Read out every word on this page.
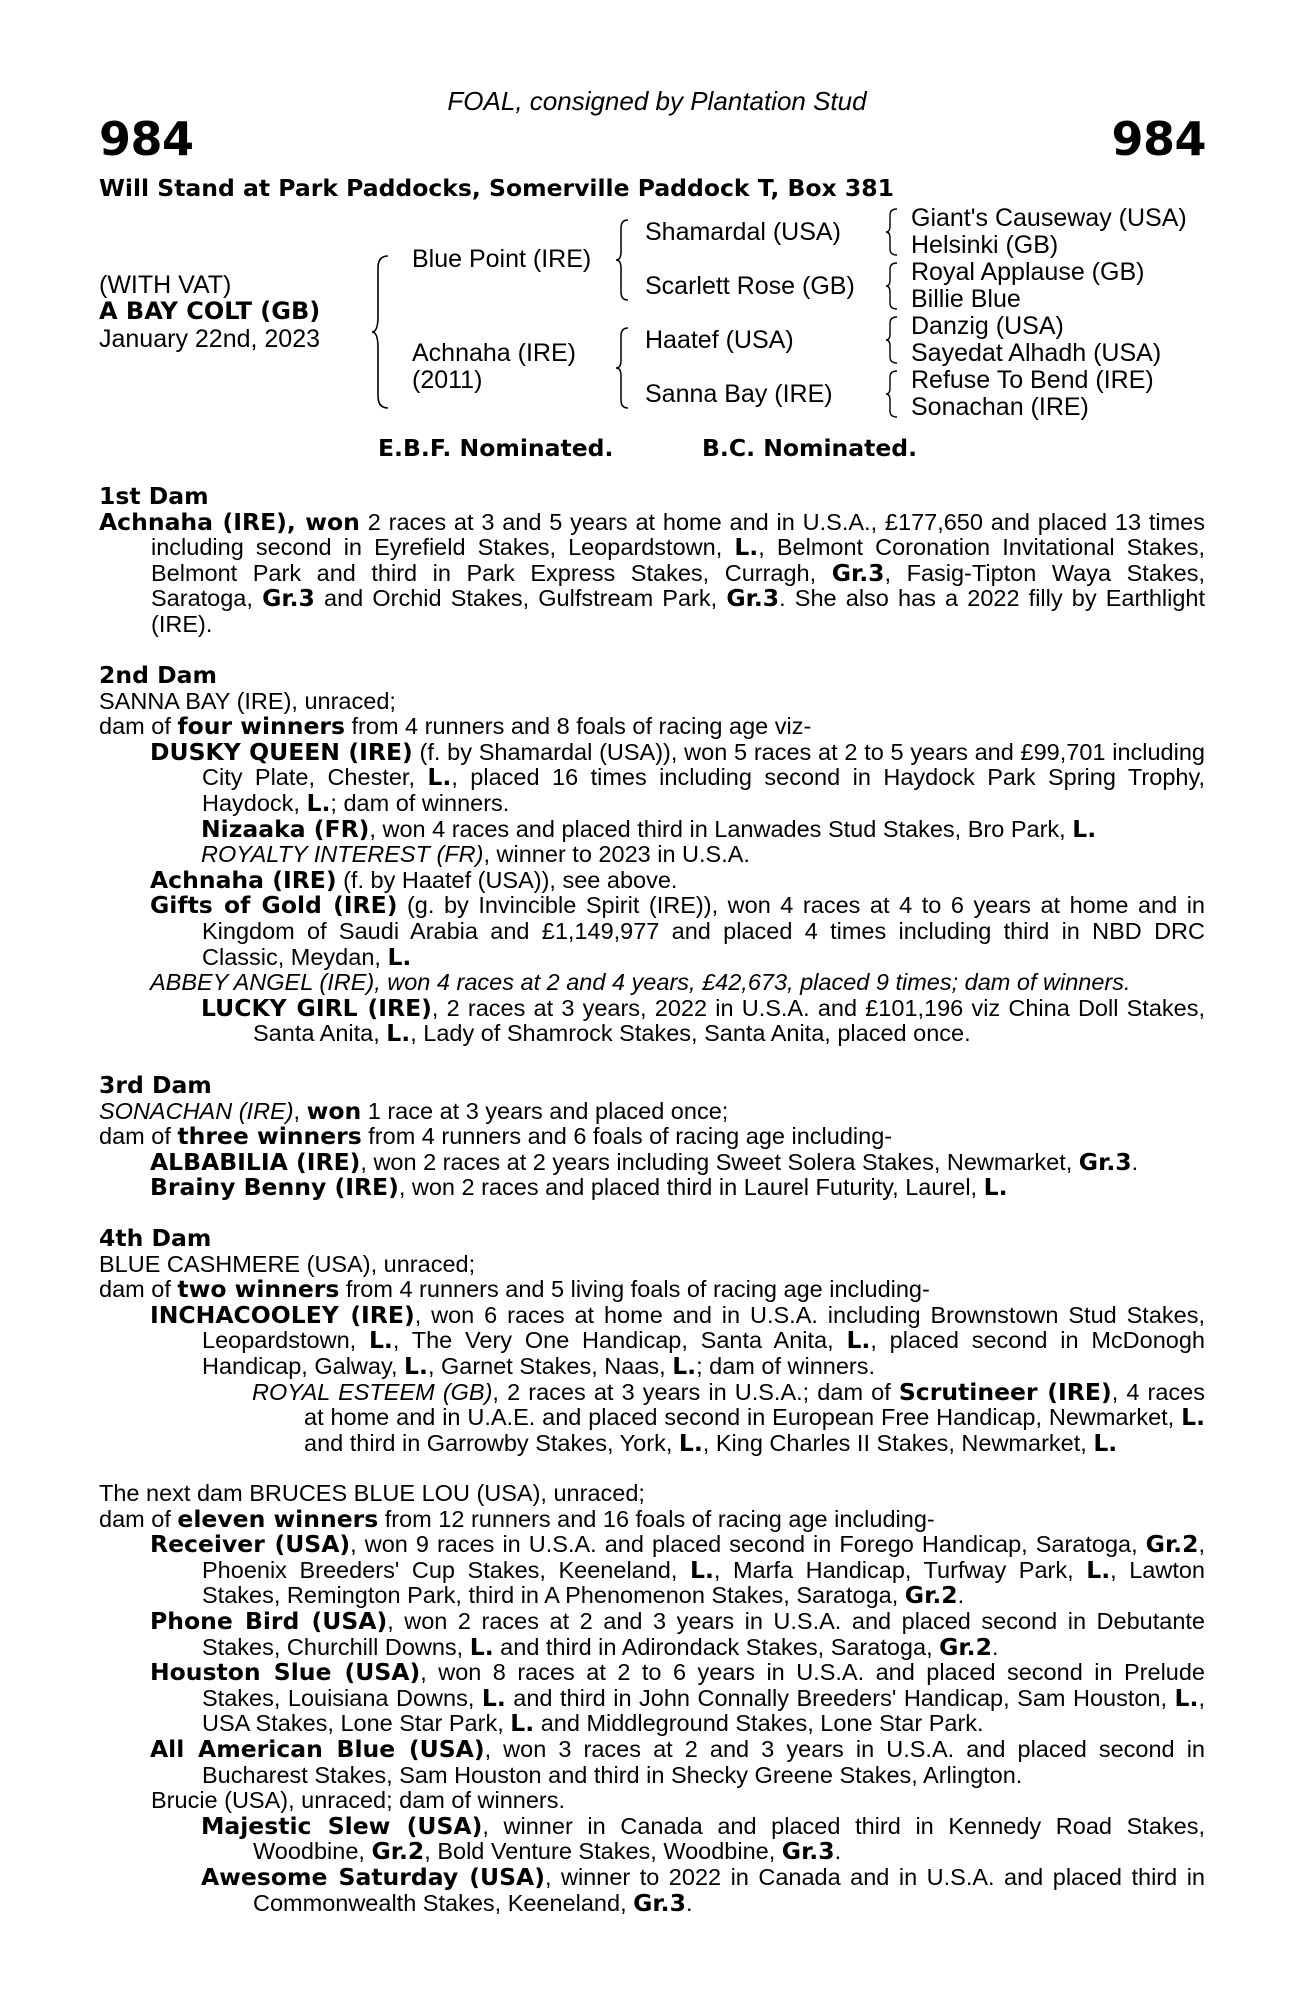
FOAL, consigned by Plantation Stud
984	984
Will Stand at Park Paddocks, Somerville Paddock T, Box 381
(WITH VAT)
A BAY COLT (GB)
January 22nd, 2023
Blue Point (IRE)
Achnaha (IRE)
(2011)
Shamardal (USA)
Scarlett Rose (GB)
Haatef (USA)
Sanna Bay (IRE)
Giant's Causeway (USA)
Helsinki (GB)
Royal Applause (GB)
Billie Blue
Danzig (USA)
Sayedat Alhadh (USA)
Refuse To Bend (IRE)
Sonachan (IRE)
E.B.F. Nominated.	B.C. Nominated.

1st Dam

Achnaha (IRE), won 2 races at 3 and 5 years at home and in U.S.A., £177,650 and placed 13 times including second in Eyrefield Stakes, Leopardstown, L., Belmont Coronation Invitational Stakes, Belmont Park and third in Park Express Stakes, Curragh, Gr.3, Fasig-Tipton Waya Stakes, Saratoga, Gr.3 and Orchid Stakes, Gulfstream Park, Gr.3. She also has a 2022 filly by Earthlight (IRE).

2nd Dam

SANNA BAY (IRE), unraced;

dam of four winners from 4 runners and 8 foals of racing age viz-

DUSKY QUEEN (IRE) (f. by Shamardal (USA)), won 5 races at 2 to 5 years and £99,701 including City Plate, Chester, L., placed 16 times including second in Haydock Park Spring Trophy, Haydock, L.; dam of winners.

Nizaaka (FR), won 4 races and placed third in Lanwades Stud Stakes, Bro Park, L.

ROYALTY INTEREST (FR), winner to 2023 in U.S.A.

Achnaha (IRE) (f. by Haatef (USA)), see above.

Gifts of Gold (IRE) (g. by Invincible Spirit (IRE)), won 4 races at 4 to 6 years at home and in Kingdom of Saudi Arabia and £1,149,977 and placed 4 times including third in NBD DRC Classic, Meydan, L.

ABBEY ANGEL (IRE), won 4 races at 2 and 4 years, £42,673, placed 9 times; dam of winners.

LUCKY GIRL (IRE), 2 races at 3 years, 2022 in U.S.A. and £101,196 viz China Doll Stakes, Santa Anita, L., Lady of Shamrock Stakes, Santa Anita, placed once.

3rd Dam

SONACHAN (IRE), won 1 race at 3 years and placed once;

dam of three winners from 4 runners and 6 foals of racing age including-

ALBABILIA (IRE), won 2 races at 2 years including Sweet Solera Stakes, Newmarket, Gr.3.

Brainy Benny (IRE), won 2 races and placed third in Laurel Futurity, Laurel, L.

4th Dam

BLUE CASHMERE (USA), unraced;

dam of two winners from 4 runners and 5 living foals of racing age including-

INCHACOOLEY (IRE), won 6 races at home and in U.S.A. including Brownstown Stud Stakes, Leopardstown, L., The Very One Handicap, Santa Anita, L., placed second in McDonogh Handicap, Galway, L., Garnet Stakes, Naas, L.; dam of winners.

ROYAL ESTEEM (GB), 2 races at 3 years in U.S.A.; dam of Scrutineer (IRE), 4 races at home and in U.A.E. and placed second in European Free Handicap, Newmarket, L. and third in Garrowby Stakes, York, L., King Charles II Stakes, Newmarket, L.

The next dam BRUCES BLUE LOU (USA), unraced;

dam of eleven winners from 12 runners and 16 foals of racing age including-

Receiver (USA), won 9 races in U.S.A. and placed second in Forego Handicap, Saratoga, Gr.2, Phoenix Breeders' Cup Stakes, Keeneland, L., Marfa Handicap, Turfway Park, L., Lawton Stakes, Remington Park, third in A Phenomenon Stakes, Saratoga, Gr.2.

Phone Bird (USA), won 2 races at 2 and 3 years in U.S.A. and placed second in Debutante Stakes, Churchill Downs, L. and third in Adirondack Stakes, Saratoga, Gr.2.

Houston Slue (USA), won 8 races at 2 to 6 years in U.S.A. and placed second in Prelude Stakes, Louisiana Downs, L. and third in John Connally Breeders' Handicap, Sam Houston, L., USA Stakes, Lone Star Park, L. and Middleground Stakes, Lone Star Park.

All American Blue (USA), won 3 races at 2 and 3 years in U.S.A. and placed second in Bucharest Stakes, Sam Houston and third in Shecky Greene Stakes, Arlington.

Brucie (USA), unraced; dam of winners.

Majestic Slew (USA), winner in Canada and placed third in Kennedy Road Stakes, Woodbine, Gr.2, Bold Venture Stakes, Woodbine, Gr.3.

Awesome Saturday (USA), winner to 2022 in Canada and in U.S.A. and placed third in Commonwealth Stakes, Keeneland, Gr.3.
